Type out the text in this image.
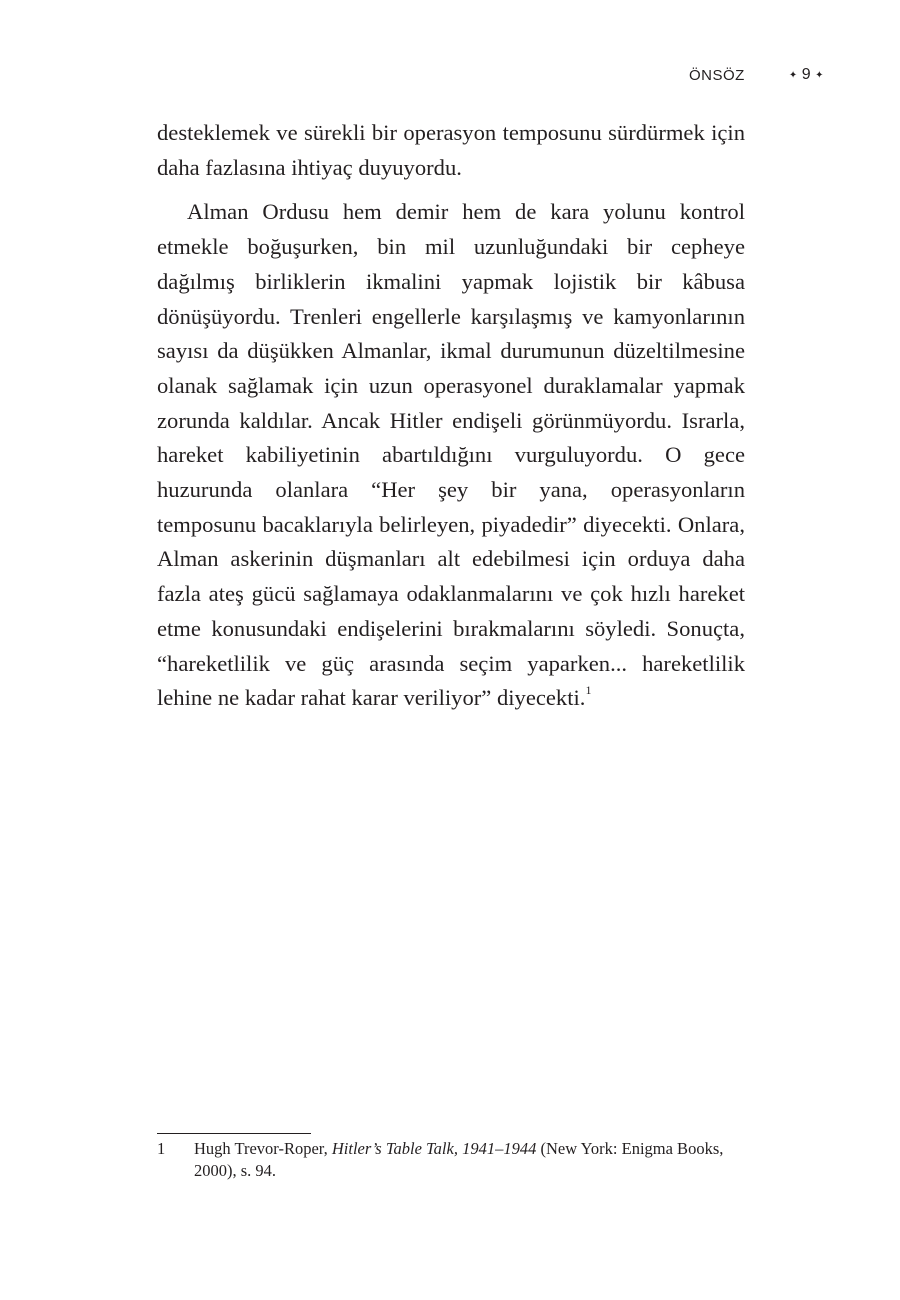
ÖNSÖZ	✦ 9 ✦

desteklemek ve sürekli bir operasyon temposunu sürdürmek için daha fazlasına ihtiyaç duyuyordu.

Alman Ordusu hem demir hem de kara yolunu kontrol etmekle boğuşurken, bin mil uzunluğundaki bir cepheye dağılmış birliklerin ikmalini yapmak lojistik bir kâbusa dönüşüyordu. Trenleri engellerle karşılaşmış ve kamyonlarının sayısı da düşükken Almanlar, ikmal durumunun düzeltilmesine olanak sağlamak için uzun operasyonel duraklamalar yapmak zorunda kaldılar. Ancak Hitler endişeli görünmüyordu. Israrla, hareket kabiliyetinin abartıldığını vurguluyordu. O gece huzurunda olanlara “Her şey bir yana, operasyonların temposunu bacaklarıyla belirleyen, piyadedir” diyecekti. Onlara, Alman askerinin düşmanları alt edebilmesi için orduya daha fazla ateş gücü sağlamaya odaklanmalarını ve çok hızlı hareket etme konusundaki endişelerini bırakmalarını söyledi. Sonuçta, “hareketlilik ve güç arasında seçim yaparken... hareketlilik lehine ne kadar rahat karar veriliyor” diyecekti.$^1$

1	Hugh Trevor-Roper, Hitler’s Table Talk, 1941–1944 (New York: Enigma Books, 2000), s. 94.
